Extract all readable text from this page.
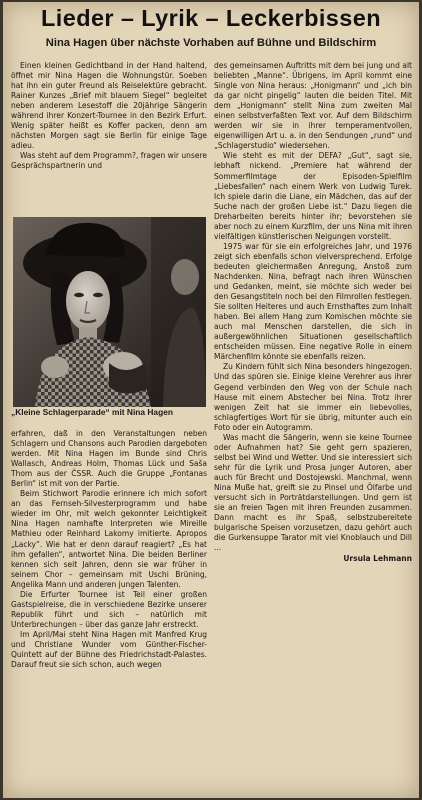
Lieder – Lyrik – Leckerbissen
Nina Hagen über nächste Vorhaben auf Bühne und Bildschirm

Einen kleinen Gedichtband in der Hand haltend, öffnet mir Nina Hagen die Wohnungstür. Soeben hat ihn ein guter Freund als Reiselektüre gebracht. Rainer Kunzes „Brief mit blauem Siegel“ begleitet neben anderem Lesestoff die 20jährige Sängerin während ihrer Konzert-Tournee in den Bezirk Erfurt. Wenig später heißt es Koffer packen, denn am nächsten Morgen sagt sie Berlin für einige Tage adieu.

Was steht auf dem Programm?, fragen wir unsere Gesprächspartnerin und

„Kleine Schlagerparade“ mit Nina Hagen

erfahren, daß in den Veranstaltungen neben Schlagern und Chansons auch Parodien dargeboten werden. Mit Nina Hagen im Bunde sind Chris Wallasch, Andreas Holm, Thomas Lück und Saša Thom aus der ČSSR. Auch die Gruppe „Fontanas Berlin“ ist mit von der Partie.

Beim Stichwort Parodie erinnere ich mich sofort an das Fernseh-Silvesterprogramm und habe wieder im Ohr, mit welch gekonnter Leichtigkeit Nina Hagen namhafte Interpreten wie Mireille Mathieu oder Reinhard Lakomy imitierte. Apropos „Lacky“. Wie hat er denn darauf reagiert? „Es hat ihm gefallen“, antwortet Nina. Die beiden Berliner kennen sich seit Jahren, denn sie war früher in seinem Chor – gemeinsam mit Uschi Brüning, Angelika Mann und anderen jungen Talenten.

Die Erfurter Tournee ist Teil einer großen Gastspielreise, die in verschiedene Bezirke unserer Republik führt und sich – natürlich mit Unterbrechungen – über das ganze Jahr erstreckt.

Im April/Mai steht Nina Hagen mit Manfred Krug und Christiane Wunder vom Günther-Fischer-Quintett auf der Bühne des Friedrichstadt-Palastes. Darauf freut sie sich schon, auch wegen

des gemeinsamen Auftritts mit dem bei jung und alt beliebten „Manne“. Übrigens, im April kommt eine Single von Nina heraus: „Honigmann“ und „ich bin da gar nicht pingelig“ lauten die beiden Titel. Mit dem „Honigmann“ stellt Nina zum zweiten Mal einen selbstverfaßten Text vor. Auf dem Bildschirm werden wir sie in ihrer temperamentvollen, eigenwilligen Art u. a. in den Sendungen „rund“ und „Schlagerstudio“ wiedersehen.

Wie steht es mit der DEFA? „Gut“, sagt sie, lebhaft nickend. „Premiere hat während der Sommerfilmtage der Episoden-Spielfilm „Liebesfallen“ nach einem Werk von Ludwig Turek. Ich spiele darin die Liane, ein Mädchen, das auf der Suche nach der großen Liebe ist.“ Dazu liegen die Dreharbeiten bereits hinter ihr; bevorstehen sie aber noch zu einem Kurzfilm, der uns Nina mit ihren vielfältigen künstlerischen Neigungen vorstellt.

1975 war für sie ein erfolgreiches Jahr, und 1976 zeigt sich ebenfalls schon vielversprechend. Erfolge bedeuten gleichermaßen Anregung, Anstoß zum Nachdenken. Nina, befragt nach ihren Wünschen und Gedanken, meint, sie möchte sich weder bei den Gesangstiteln noch bei den Filmrollen festlegen. Sie sollten Heiteres und auch Ernsthaftes zum Inhalt haben. Bei allem Hang zum Komischen möchte sie auch mal Menschen darstellen, die sich in außergewöhnlichen Situationen gesellschaftlich entscheiden müssen. Eine negative Rolle in einem Märchenfilm könnte sie ebenfalls reizen.

Zu Kindern fühlt sich Nina besonders hingezogen. Und das spüren sie. Einige kleine Verehrer aus ihrer Gegend verbinden den Weg von der Schule nach Hause mit einem Abstecher bei Nina. Trotz ihrer wenigen Zeit hat sie immer ein liebevolles, schlagfertiges Wort für sie übrig, mitunter auch ein Foto oder ein Autogramm.

Was macht die Sängerin, wenn sie keine Tournee oder Aufnahmen hat? Sie geht gern spazieren, selbst bei Wind und Wetter. Und sie interessiert sich sehr für die Lyrik und Prosa junger Autoren, aber auch für Brecht und Dostojewski. Manchmal, wenn Nina Muße hat, greift sie zu Pinsel und Ölfarbe und versucht sich in Porträtdarstellungen. Und gern ist sie an freien Tagen mit ihren Freunden zusammen. Dann macht es ihr Spaß, selbstzubereitete bulgarische Speisen vorzusetzen, dazu gehört auch die Gurkensuppe Tarator mit viel Knoblauch und Dill ...

Ursula Lehmann
